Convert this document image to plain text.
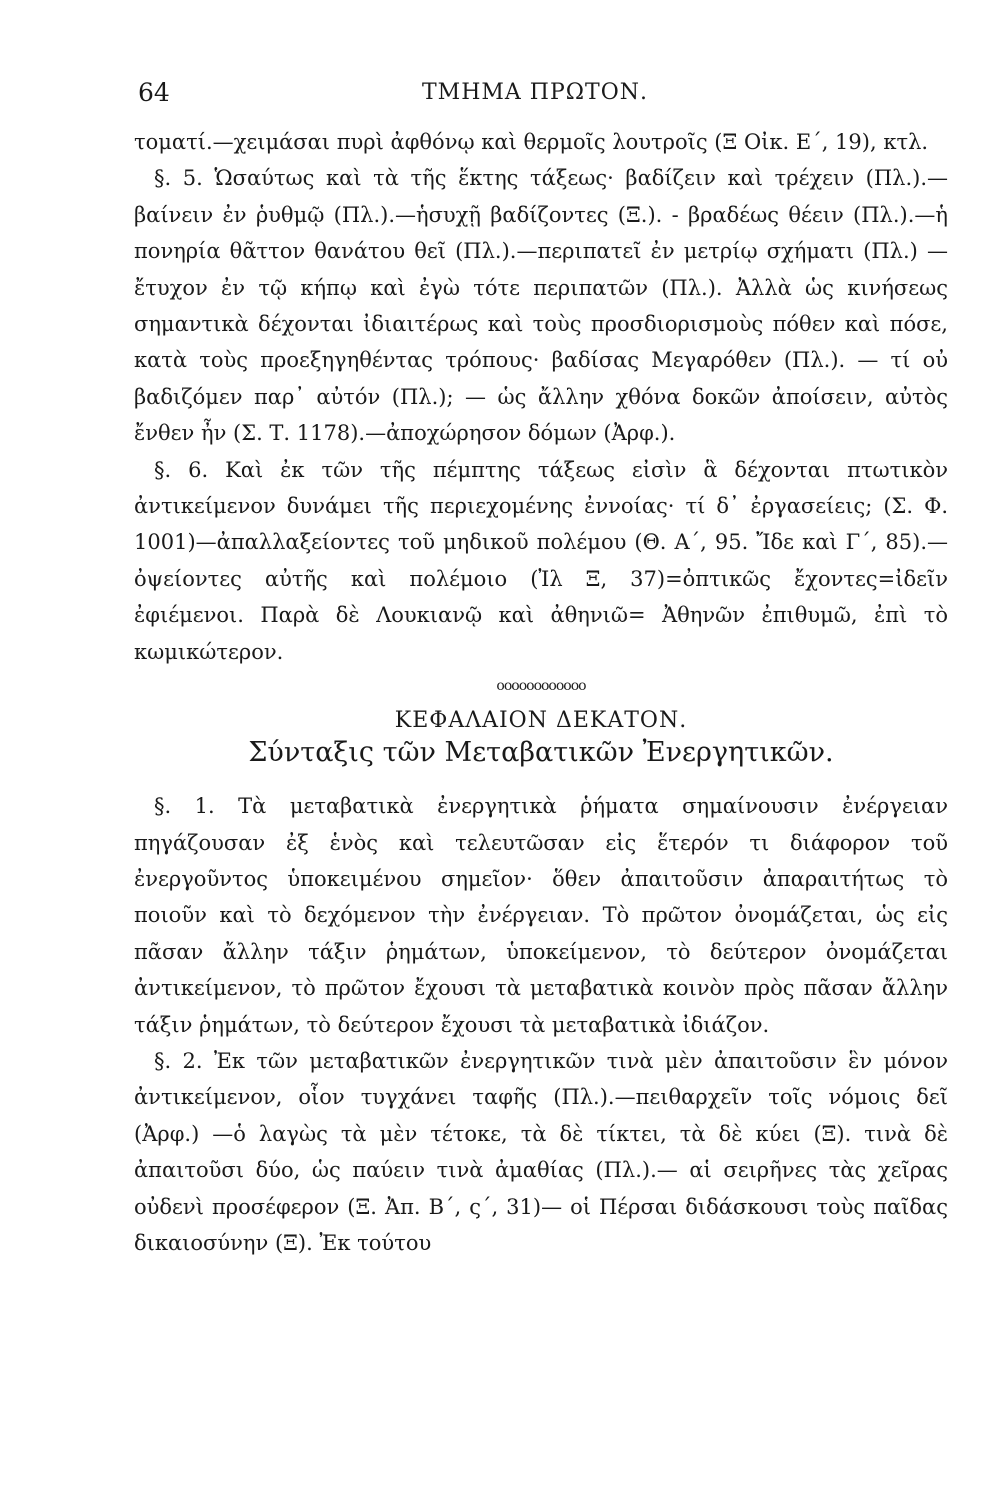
64	ΤΜΗΜΑ ΠΡΩΤΟΝ.

τοματί.—χειμάσαι πυρὶ ἀφθόνῳ καὶ θερμοῖς λουτροῖς (Ξ Οἰκ. Ε΄, 19), κτλ.

§. 5. Ὡσαύτως καὶ τὰ τῆς ἕκτης τάξεως· βαδίζειν καὶ τρέχειν (Πλ.).—βαίνειν ἐν ῥυθμῷ (Πλ.).—ἡσυχῇ βαδίζοντες (Ξ.). - βραδέως θέειν (Πλ.).—ἡ πονηρία θᾶττον θανάτου θεῖ (Πλ.).—περιπατεῖ ἐν μετρίῳ σχήματι (Πλ.) —ἔτυχον ἐν τῷ κήπῳ καὶ ἐγὼ τότε περιπατῶν (Πλ.). Ἀλλὰ ὡς κινήσεως σημαντικὰ δέχονται ἰδιαιτέρως καὶ τοὺς προσδιορισμοὺς πόθεν καὶ πόσε, κατὰ τοὺς προεξηγηθέντας τρόπους· βαδίσας Μεγαρόθεν (Πλ.). — τί οὐ βαδιζόμεν παρ᾽ αὐτόν (Πλ.); — ὡς ἄλλην χθόνα δοκῶν ἀποίσειν, αὐτὸς ἔνθεν ἦν (Σ. Τ. 1178).—ἀποχώρησον δόμων (Ἀρφ.).

§. 6. Καὶ ἐκ τῶν τῆς πέμπτης τάξεως εἰσὶν ἃ δέχονται πτωτικὸν ἀντικείμενον δυνάμει τῆς περιεχομένης ἐννοίας· τί δ᾽ ἐργασείεις; (Σ. Φ. 1001)—ἀπαλλαξείοντες τοῦ μηδικοῦ πολέμου (Θ. Α΄, 95. Ἴδε καὶ Γ΄, 85).—ὀψείοντες αὐτῆς καὶ πολέμοιο (Ἰλ Ξ, 37)=ὀπτικῶς ἔχοντες=ἰδεῖν ἐφιέμενοι. Παρὰ δὲ Λουκιανῷ καὶ ἀθηνιῶ= Ἀθηνῶν ἐπιθυμῶ, ἐπὶ τὸ κωμικώτερον.

oooooooooooo
ΚΕΦΑΛΑΙΟΝ ΔΕΚΑΤΟΝ.
Σύνταξις τῶν Μεταβατικῶν Ἐνεργητικῶν.

§. 1. Τὰ μεταβατικὰ ἐνεργητικὰ ῥήματα σημαίνουσιν ἐνέργειαν πηγάζουσαν ἐξ ἑνὸς καὶ τελευτῶσαν εἰς ἕτερόν τι διάφορον τοῦ ἐνεργοῦντος ὑποκειμένου σημεῖον· ὅθεν ἀπαιτοῦσιν ἀπαραιτήτως τὸ ποιοῦν καὶ τὸ δεχόμενον τὴν ἐνέργειαν. Τὸ πρῶτον ὀνομάζεται, ὡς εἰς πᾶσαν ἄλλην τάξιν ῥημάτων, ὑποκείμενον, τὸ δεύτερον ὀνομάζεται ἀντικείμενον, τὸ πρῶτον ἔχουσι τὰ μεταβατικὰ κοινὸν πρὸς πᾶσαν ἄλλην τάξιν ῥημάτων, τὸ δεύτερον ἔχουσι τὰ μεταβατικὰ ἰδιάζον.

§. 2. Ἐκ τῶν μεταβατικῶν ἐνεργητικῶν τινὰ μὲν ἀπαιτοῦσιν ἓν μόνον ἀντικείμενον, οἷον τυγχάνει ταφῆς (Πλ.).—πειθαρχεῖν τοῖς νόμοις δεῖ (Ἀρφ.) —ὁ λαγὼς τὰ μὲν τέτοκε, τὰ δὲ τίκτει, τὰ δὲ κύει (Ξ). τινὰ δὲ ἀπαιτοῦσι δύο, ὡς παύειν τινὰ ἀμαθίας (Πλ.).— αἱ σειρῆνες τὰς χεῖρας οὐδενὶ προσέφερον (Ξ. Ἀπ. Β΄, ς΄, 31)— οἱ Πέρσαι διδάσκουσι τοὺς παῖδας δικαιοσύνην (Ξ). Ἐκ τούτου
